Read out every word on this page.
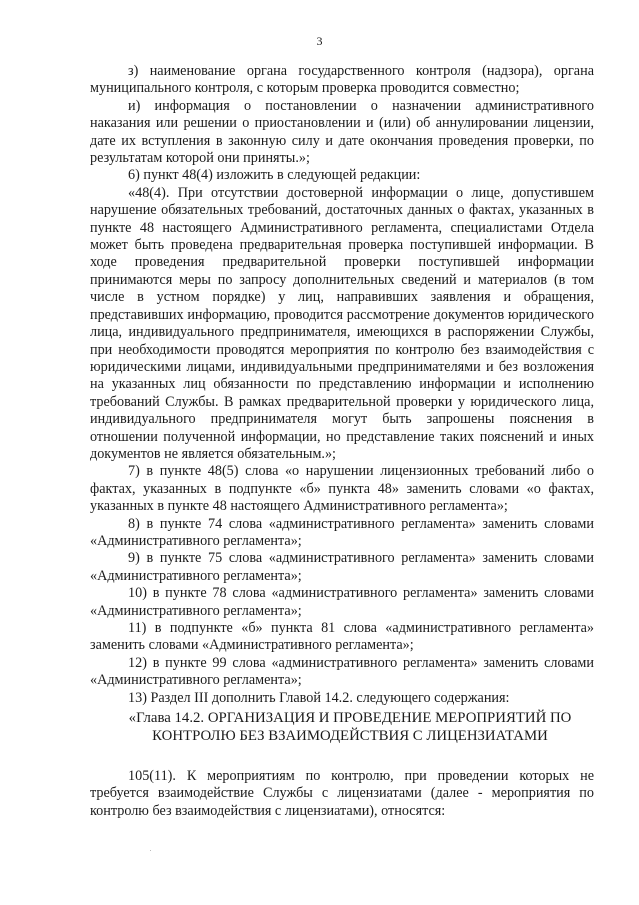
3

з) наименование органа государственного контроля (надзора), органа муниципального контроля, с которым проверка проводится совместно;

и) информация о постановлении о назначении административного наказания или решении о приостановлении и (или) об аннулировании лицензии, дате их вступления в законную силу и дате окончания проведения проверки, по результатам которой они приняты.»;

6) пункт 48(4) изложить в следующей редакции:

«48(4). При отсутствии достоверной информации о лице, допустившем нарушение обязательных требований, достаточных данных о фактах, указанных в пункте 48 настоящего Административного регламента, специалистами Отдела может быть проведена предварительная проверка поступившей информации. В ходе проведения предварительной проверки поступившей информации принимаются меры по запросу дополнительных сведений и материалов (в том числе в устном порядке) у лиц, направивших заявления и обращения, представивших информацию, проводится рассмотрение документов юридического лица, индивидуального предпринимателя, имеющихся в распоряжении Службы, при необходимости проводятся мероприятия по контролю без взаимодействия с юридическими лицами, индивидуальными предпринимателями и без возложения на указанных лиц обязанности по представлению информации и исполнению требований Службы. В рамках предварительной проверки у юридического лица, индивидуального предпринимателя могут быть запрошены пояснения в отношении полученной информации, но представление таких пояснений и иных документов не является обязательным.»;

7) в пункте 48(5) слова «о нарушении лицензионных требований либо о фактах, указанных в подпункте «б» пункта 48» заменить словами «о фактах, указанных в пункте 48 настоящего Административного регламента»;

8) в пункте 74 слова «административного регламента» заменить словами «Административного регламента»;

9) в пункте 75 слова «административного регламента» заменить словами «Административного регламента»;

10) в пункте 78 слова «административного регламента» заменить словами «Административного регламента»;

11) в подпункте «б» пункта 81 слова «административного регламента» заменить словами «Административного регламента»;

12) в пункте 99 слова «административного регламента» заменить словами «Административного регламента»;

13) Раздел III дополнить Главой 14.2. следующего содержания:

«Глава 14.2. ОРГАНИЗАЦИЯ И ПРОВЕДЕНИЕ МЕРОПРИЯТИЙ ПО КОНТРОЛЮ БЕЗ ВЗАИМОДЕЙСТВИЯ С ЛИЦЕНЗИАТАМИ

105(11). К мероприятиям по контролю, при проведении которых не требуется взаимодействие Службы с лицензиатами (далее - мероприятия по контролю без взаимодействия с лицензиатами), относятся:
